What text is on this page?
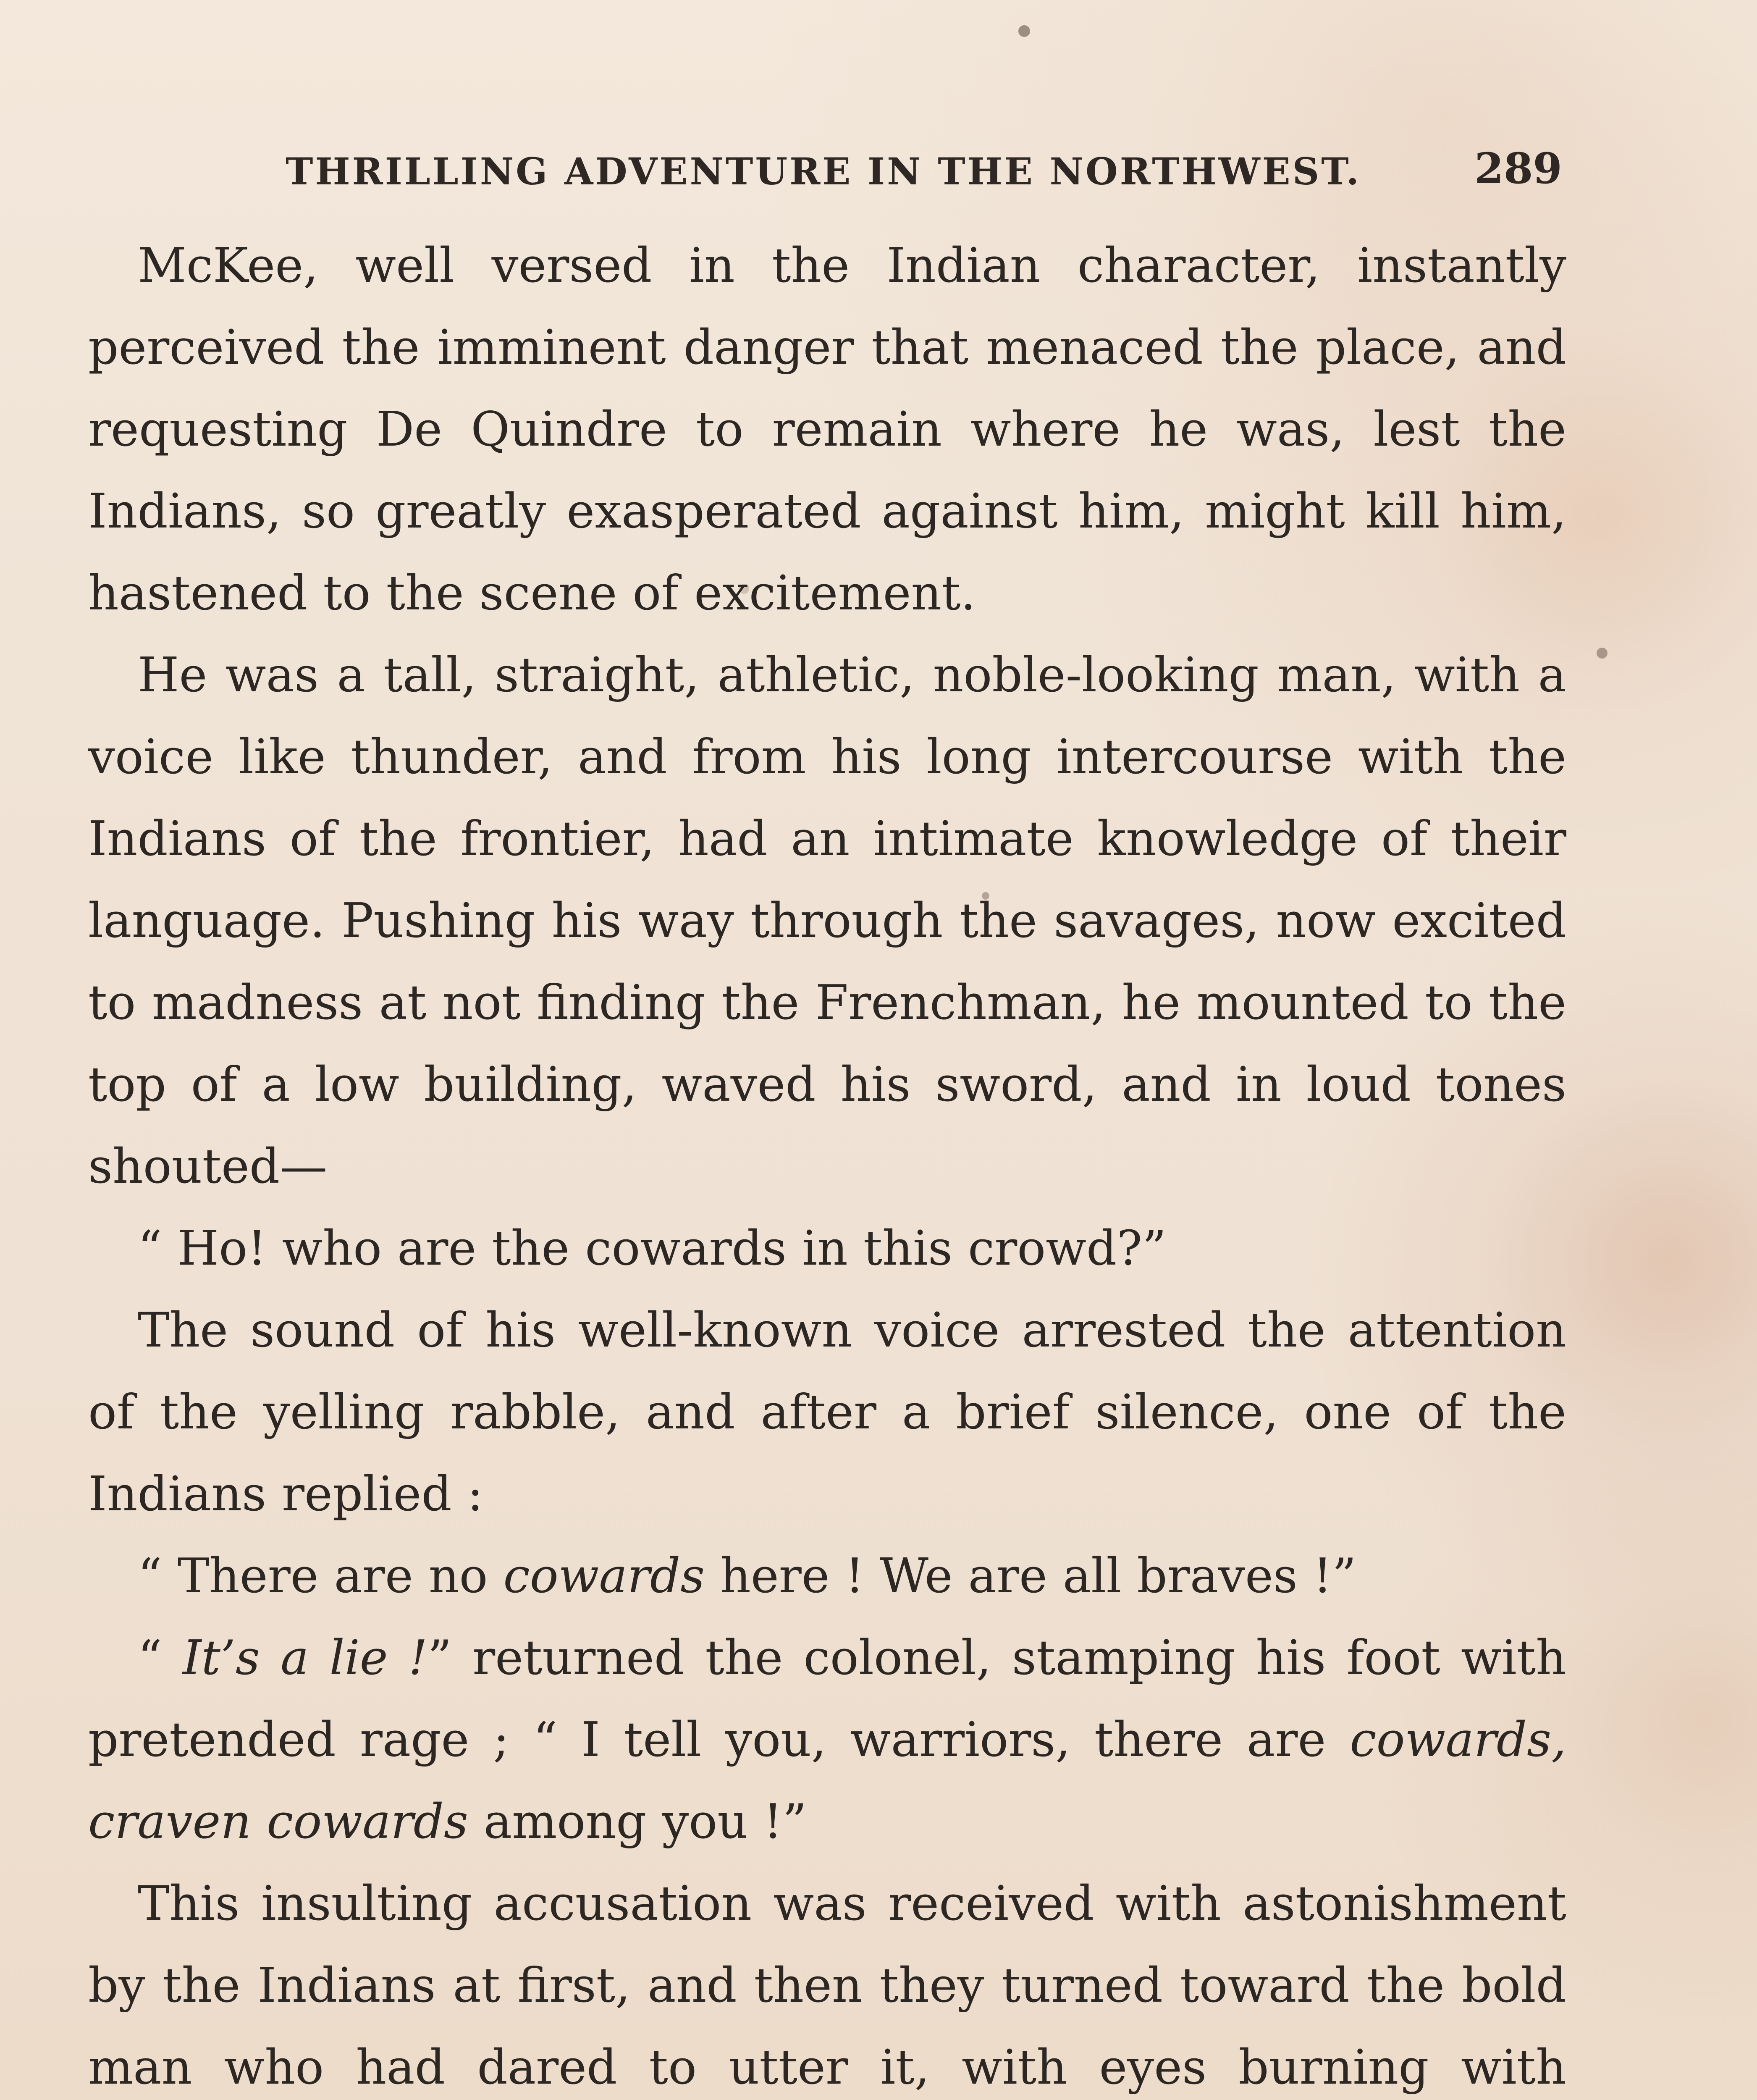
THRILLING ADVENTURE IN THE NORTHWEST.	289

McKee, well versed in the Indian character, instantly perceived the imminent danger that menaced the place, and requesting De Quindre to remain where he was, lest the Indians, so greatly exasperated against him, might kill him, hastened to the scene of excitement.

He was a tall, straight, athletic, noble-looking man, with a voice like thunder, and from his long intercourse with the Indians of the frontier, had an intimate knowledge of their language. Pushing his way through the savages, now excited to madness at not finding the Frenchman, he mounted to the top of a low building, waved his sword, and in loud tones shouted—

“ Ho! who are the cowards in this crowd?”

The sound of his well-known voice arrested the attention of the yelling rabble, and after a brief silence, one of the Indians replied :

“ There are no cowards here ! We are all braves !”

“ It’s a lie !” returned the colonel, stamping his foot with pretended rage ; “ I tell you, warriors, there are cowards, craven cowards among you !”

This insulting accusation was received with astonishment by the Indians at first, and then they turned toward the bold man who had dared to utter it, with eyes burning with
